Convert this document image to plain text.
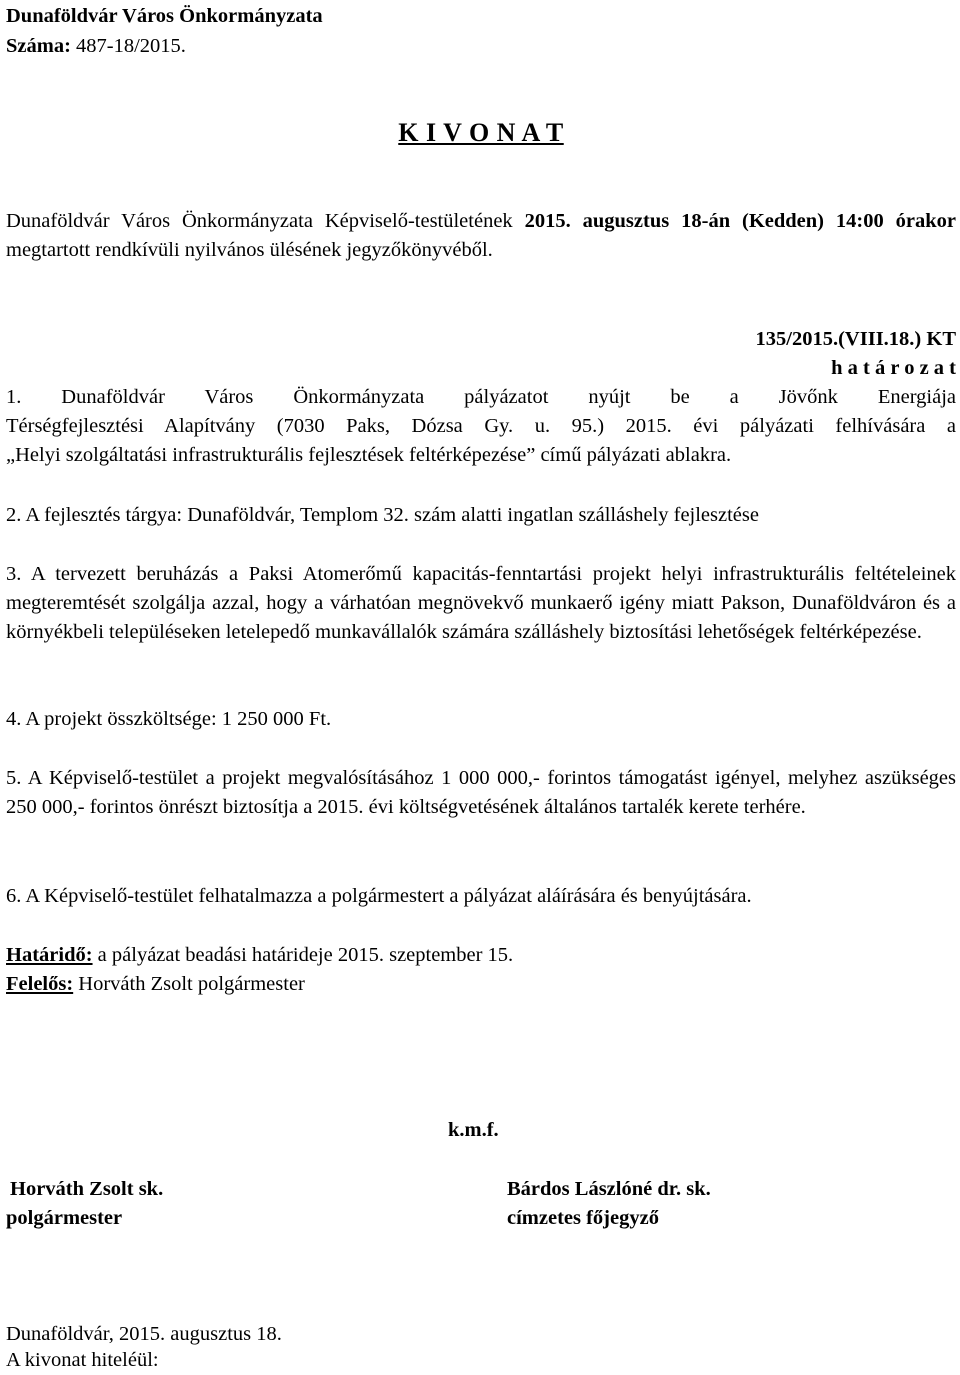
Dunaföldvár Város Önkormányzata
Száma: 487-18/2015.
K I V O N A T
Dunaföldvár Város Önkormányzata Képviselő-testületének 2015. augusztus 18-án (Kedden) 14:00 órakor megtartott rendkívüli nyilvános ülésének jegyzőkönyvéből.
135/2015.(VIII.18.) KT
h a t á r o z a t
1. Dunaföldvár Város Önkormányzata pályázatot nyújt be a Jövőnk Energiája
Térségfejlesztési Alapítvány (7030 Paks, Dózsa Gy. u. 95.) 2015. évi pályázati felhívására a
„Helyi szolgáltatási infrastrukturális fejlesztések feltérképezése” című pályázati ablakra.
2. A fejlesztés tárgya: Dunaföldvár, Templom 32. szám alatti ingatlan szálláshely fejlesztése
3. A tervezett beruházás a Paksi Atomerőmű kapacitás-fenntartási projekt helyi infrastrukturális feltételeinek megteremtését szolgálja azzal, hogy a várhatóan megnövekvő munkaerő igény miatt Pakson, Dunaföldváron és a környékbeli településeken letelepedő munkavállalók számára szálláshely biztosítási lehetőségek feltérképezése.
4. A projekt összköltsége: 1 250 000 Ft.
5. A Képviselő-testület a projekt megvalósításához 1 000 000,- forintos támogatást igényel, melyhez aszükséges 250 000,- forintos önrészt biztosítja a 2015. évi költségvetésének általános tartalék kerete terhére.
6. A Képviselő-testület felhatalmazza a polgármestert a pályázat aláírására és benyújtására.
Határidő: a pályázat beadási határideje 2015. szeptember 15.
Felelős: Horváth Zsolt polgármester
k.m.f.
Horváth Zsolt sk.
polgármester
Bárdos Lászlóné dr. sk.
címzetes főjegyző
Dunaföldvár, 2015. augusztus 18.
A kivonat hiteléül:
